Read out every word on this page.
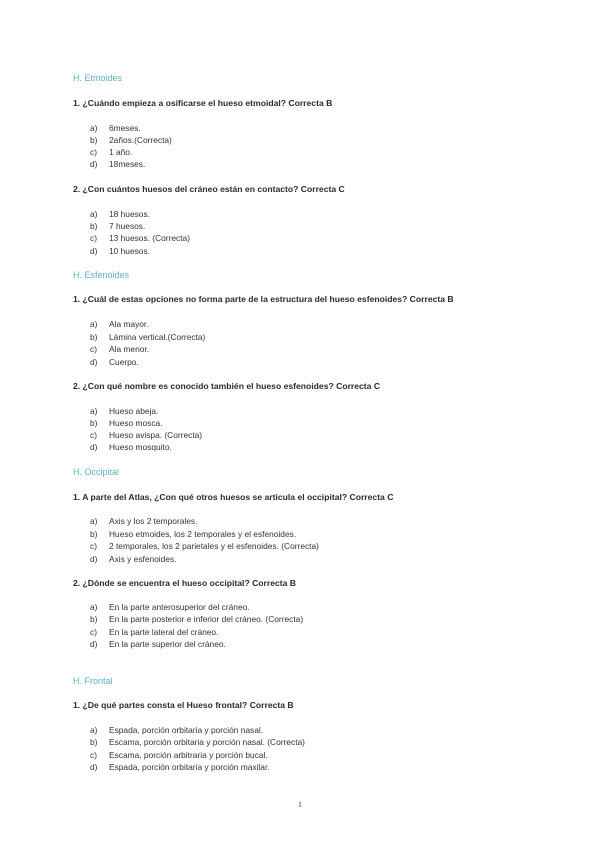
H. Etmoides
1. ¿Cuándo empieza a osificarse el hueso etmoidal? Correcta B
a) 6meses.
b) 2años.(Correcta)
c) 1 año.
d) 18meses.
2. ¿Con cuántos huesos del cráneo están en contacto? Correcta C
a) 18 huesos.
b) 7 huesos.
c) 13 huesos. (Correcta)
d) 10 huesos.
H. Esfenoides
1. ¿Cuál de estas opciones no forma parte de la estructura del hueso esfenoides? Correcta B
a) Ala mayor.
b) Lámina vertical.(Correcta)
c) Ala menor.
d) Cuerpo.
2. ¿Con qué nombre es conocido también el hueso esfenoides? Correcta C
a) Hueso abeja.
b) Hueso mosca.
c) Hueso avispa. (Correcta)
d) Hueso mosquito.
H. Occipital
1. A parte del Atlas, ¿Con qué otros huesos se articula el occipital? Correcta C
a) Axis y los 2 temporales.
b) Hueso etmoides, los 2 temporales y el esfenoides.
c) 2 temporales, los 2 parietales y el esfenoides. (Correcta)
d) Axis y esfenoides.
2. ¿Dónde se encuentra el hueso occipital? Correcta B
a) En la parte anterosuperior del cráneo.
b) En la parte posterior e inferior del cráneo. (Correcta)
c) En la parte lateral del cráneo.
d) En la parte superior del cráneo.
H. Frontal
1. ¿De qué partes consta el Hueso frontal? Correcta B
a) Espada, porción orbitaria y porción nasal.
b) Escama, porción orbitaria y porción nasal. (Correcta)
c) Escama, porción arbitraria y porción bucal.
d) Espada, porción orbitaria y porción maxilar.
1
